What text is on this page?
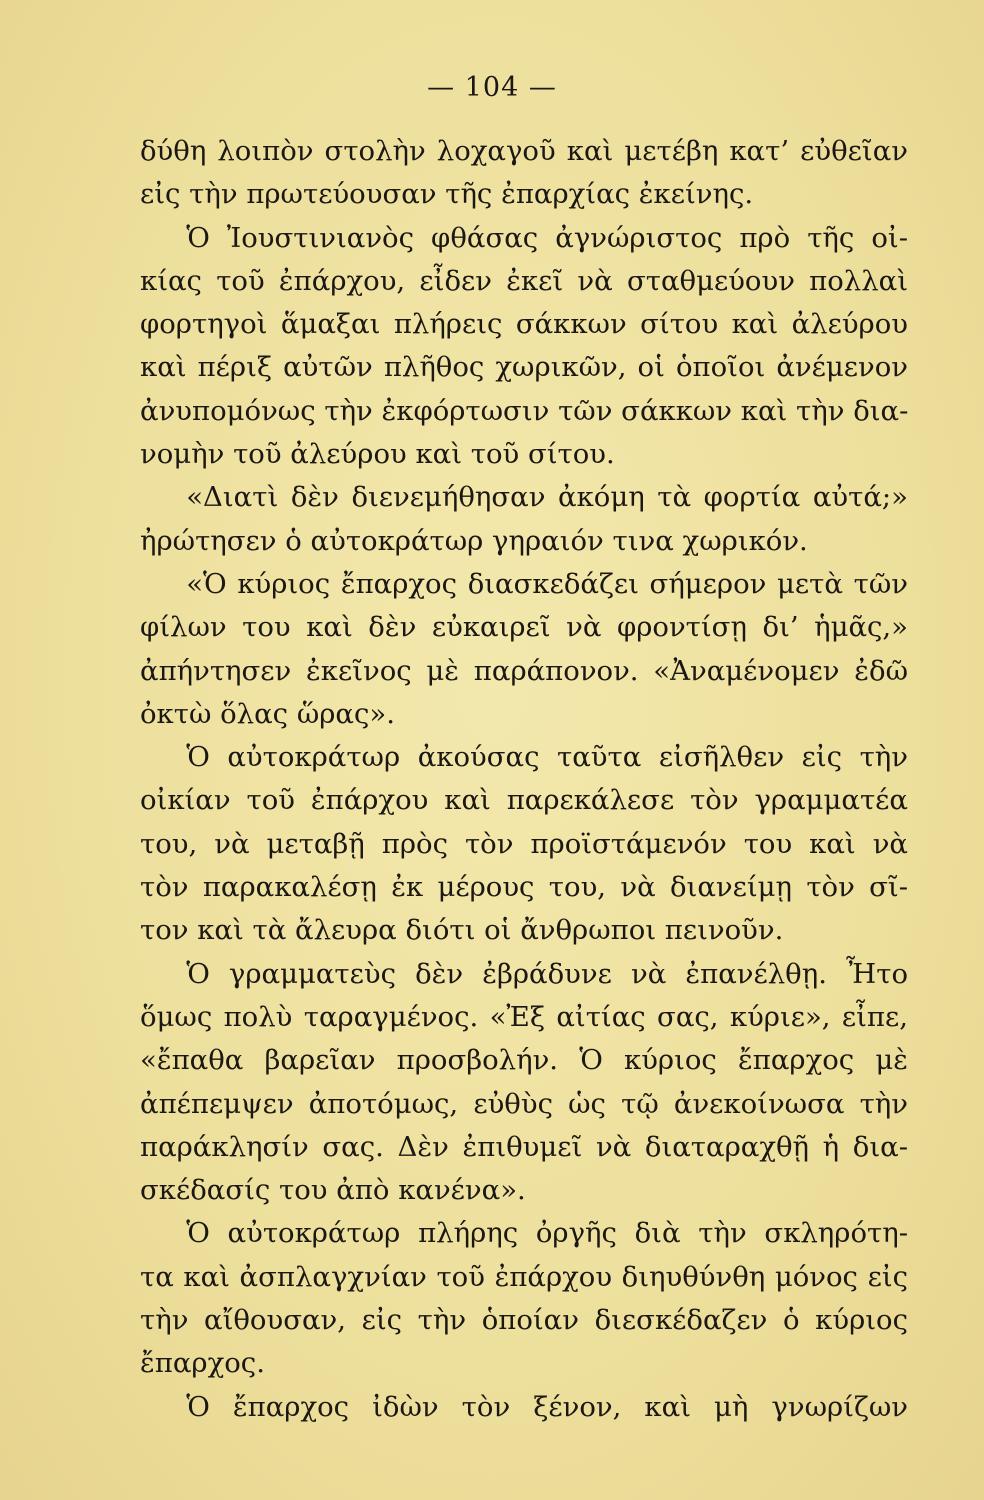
— 104 —
δύθη λοιπὸν στολὴν λοχαγοῦ καὶ μετέβη κατ’ εὐθεῖαν
εἰς τὴν πρωτεύουσαν τῆς ἐπαρχίας ἐκείνης.
Ὁ Ἰουστινιανὸς φθάσας ἀγνώριστος πρὸ τῆς οἰ-
κίας τοῦ ἐπάρχου, εἶδεν ἐκεῖ νὰ σταθμεύουν πολλαὶ
φορτηγοὶ ἅμαξαι πλήρεις σάκκων σίτου καὶ ἀλεύρου
καὶ πέριξ αὐτῶν πλῆθος χωρικῶν, οἱ ὁποῖοι ἀνέμενον
ἀνυπομόνως τὴν ἐκφόρτωσιν τῶν σάκκων καὶ τὴν δια-
νομὴν τοῦ ἀλεύρου καὶ τοῦ σίτου.
«Διατὶ δὲν διενεμήθησαν ἀκόμη τὰ φορτία αὐτά;»
ἠρώτησεν ὁ αὐτοκράτωρ γηραιόν τινα χωρικόν.
«Ὁ κύριος ἔπαρχος διασκεδάζει σήμερον μετὰ τῶν
φίλων του καὶ δὲν εὐκαιρεῖ νὰ φροντίσῃ δι’ ἡμᾶς,»
ἀπήντησεν ἐκεῖνος μὲ παράπονον. «Ἀναμένομεν ἐδῶ
ὀκτὼ ὅλας ὥρας».
Ὁ αὐτοκράτωρ ἀκούσας ταῦτα εἰσῆλθεν εἰς τὴν
οἰκίαν τοῦ ἐπάρχου καὶ παρεκάλεσε τὸν γραμματέα
του, νὰ μεταβῇ πρὸς τὸν προϊστάμενόν του καὶ νὰ
τὸν παρακαλέσῃ ἐκ μέρους του, νὰ διανείμῃ τὸν σῖ-
τον καὶ τὰ ἄλευρα διότι οἱ ἄνθρωποι πεινοῦν.
Ὁ γραμματεὺς δὲν ἐβράδυνε νὰ ἐπανέλθῃ. Ἦτο
ὅμως πολὺ ταραγμένος. «Ἐξ αἰτίας σας, κύριε», εἶπε,
«ἔπαθα βαρεῖαν προσβολήν. Ὁ κύριος ἔπαρχος μὲ
ἀπέπεμψεν ἀποτόμως, εὐθὺς ὡς τῷ ἀνεκοίνωσα τὴν
παράκλησίν σας. Δὲν ἐπιθυμεῖ νὰ διαταραχθῇ ἡ δια-
σκέδασίς του ἀπὸ κανένα».
Ὁ αὐτοκράτωρ πλήρης ὀργῆς διὰ τὴν σκληρότη-
τα καὶ ἀσπλαγχνίαν τοῦ ἐπάρχου διηυθύνθη μόνος εἰς
τὴν αἴθουσαν, εἰς τὴν ὁποίαν διεσκέδαζεν ὁ κύριος
ἔπαρχος.
Ὁ ἔπαρχος ἰδὼν τὸν ξένον, καὶ μὴ γνωρίζων
